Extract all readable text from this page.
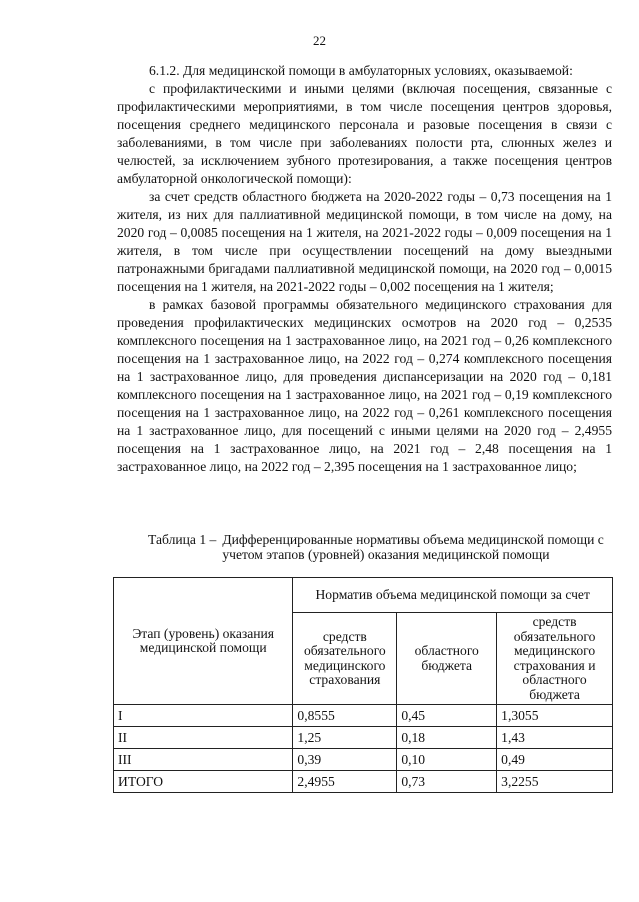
22

6.1.2. Для медицинской помощи в амбулаторных условиях, оказываемой:

с профилактическими и иными целями (включая посещения, связанные с профилактическими мероприятиями, в том числе посещения центров здоровья, посещения среднего медицинского персонала и разовые посещения в связи с заболеваниями, в том числе при заболеваниях полости рта, слюнных желез и челюстей, за исключением зубного протезирования, а также посещения центров амбулаторной онкологической помощи):

за счет средств областного бюджета на 2020-2022 годы – 0,73 посещения на 1 жителя, из них для паллиативной медицинской помощи, в том числе на дому, на 2020 год – 0,0085 посещения на 1 жителя, на 2021-2022 годы – 0,009 посещения на 1 жителя, в том числе при осуществлении посещений на дому выездными патронажными бригадами паллиативной медицинской помощи, на 2020 год – 0,0015 посещения на 1 жителя, на 2021-2022 годы – 0,002 посещения на 1 жителя;

в рамках базовой программы обязательного медицинского страхования для проведения профилактических медицинских осмотров на 2020 год – 0,2535 комплексного посещения на 1 застрахованное лицо, на 2021 год – 0,26 комплексного посещения на 1 застрахованное лицо, на 2022 год – 0,274 комплексного посещения на 1 застрахованное лицо, для проведения диспансеризации на 2020 год – 0,181 комплексного посещения на 1 застрахованное лицо, на 2021 год – 0,19 комплексного посещения на 1 застрахованное лицо, на 2022 год – 0,261 комплексного посещения на 1 застрахованное лицо, для посещений с иными целями на 2020 год – 2,4955 посещения на 1 застрахованное лицо, на 2021 год – 2,48 посещения на 1 застрахованное лицо, на 2022 год – 2,395 посещения на 1 застрахованное лицо;

Таблица 1 – Дифференцированные нормативы объема медицинской помощи с учетом этапов (уровней) оказания медицинской помощи
Этап (уровень) оказания медицинской помощи	Норматив объема медицинской помощи за счет		
	средств обязательного медицинского страхования	областного бюджета	средств обязательного медицинского страхования и областного бюджета
I	0,8555	0,45	1,3055
II	1,25	0,18	1,43
III	0,39	0,10	0,49
ИТОГО	2,4955	0,73	3,2255
